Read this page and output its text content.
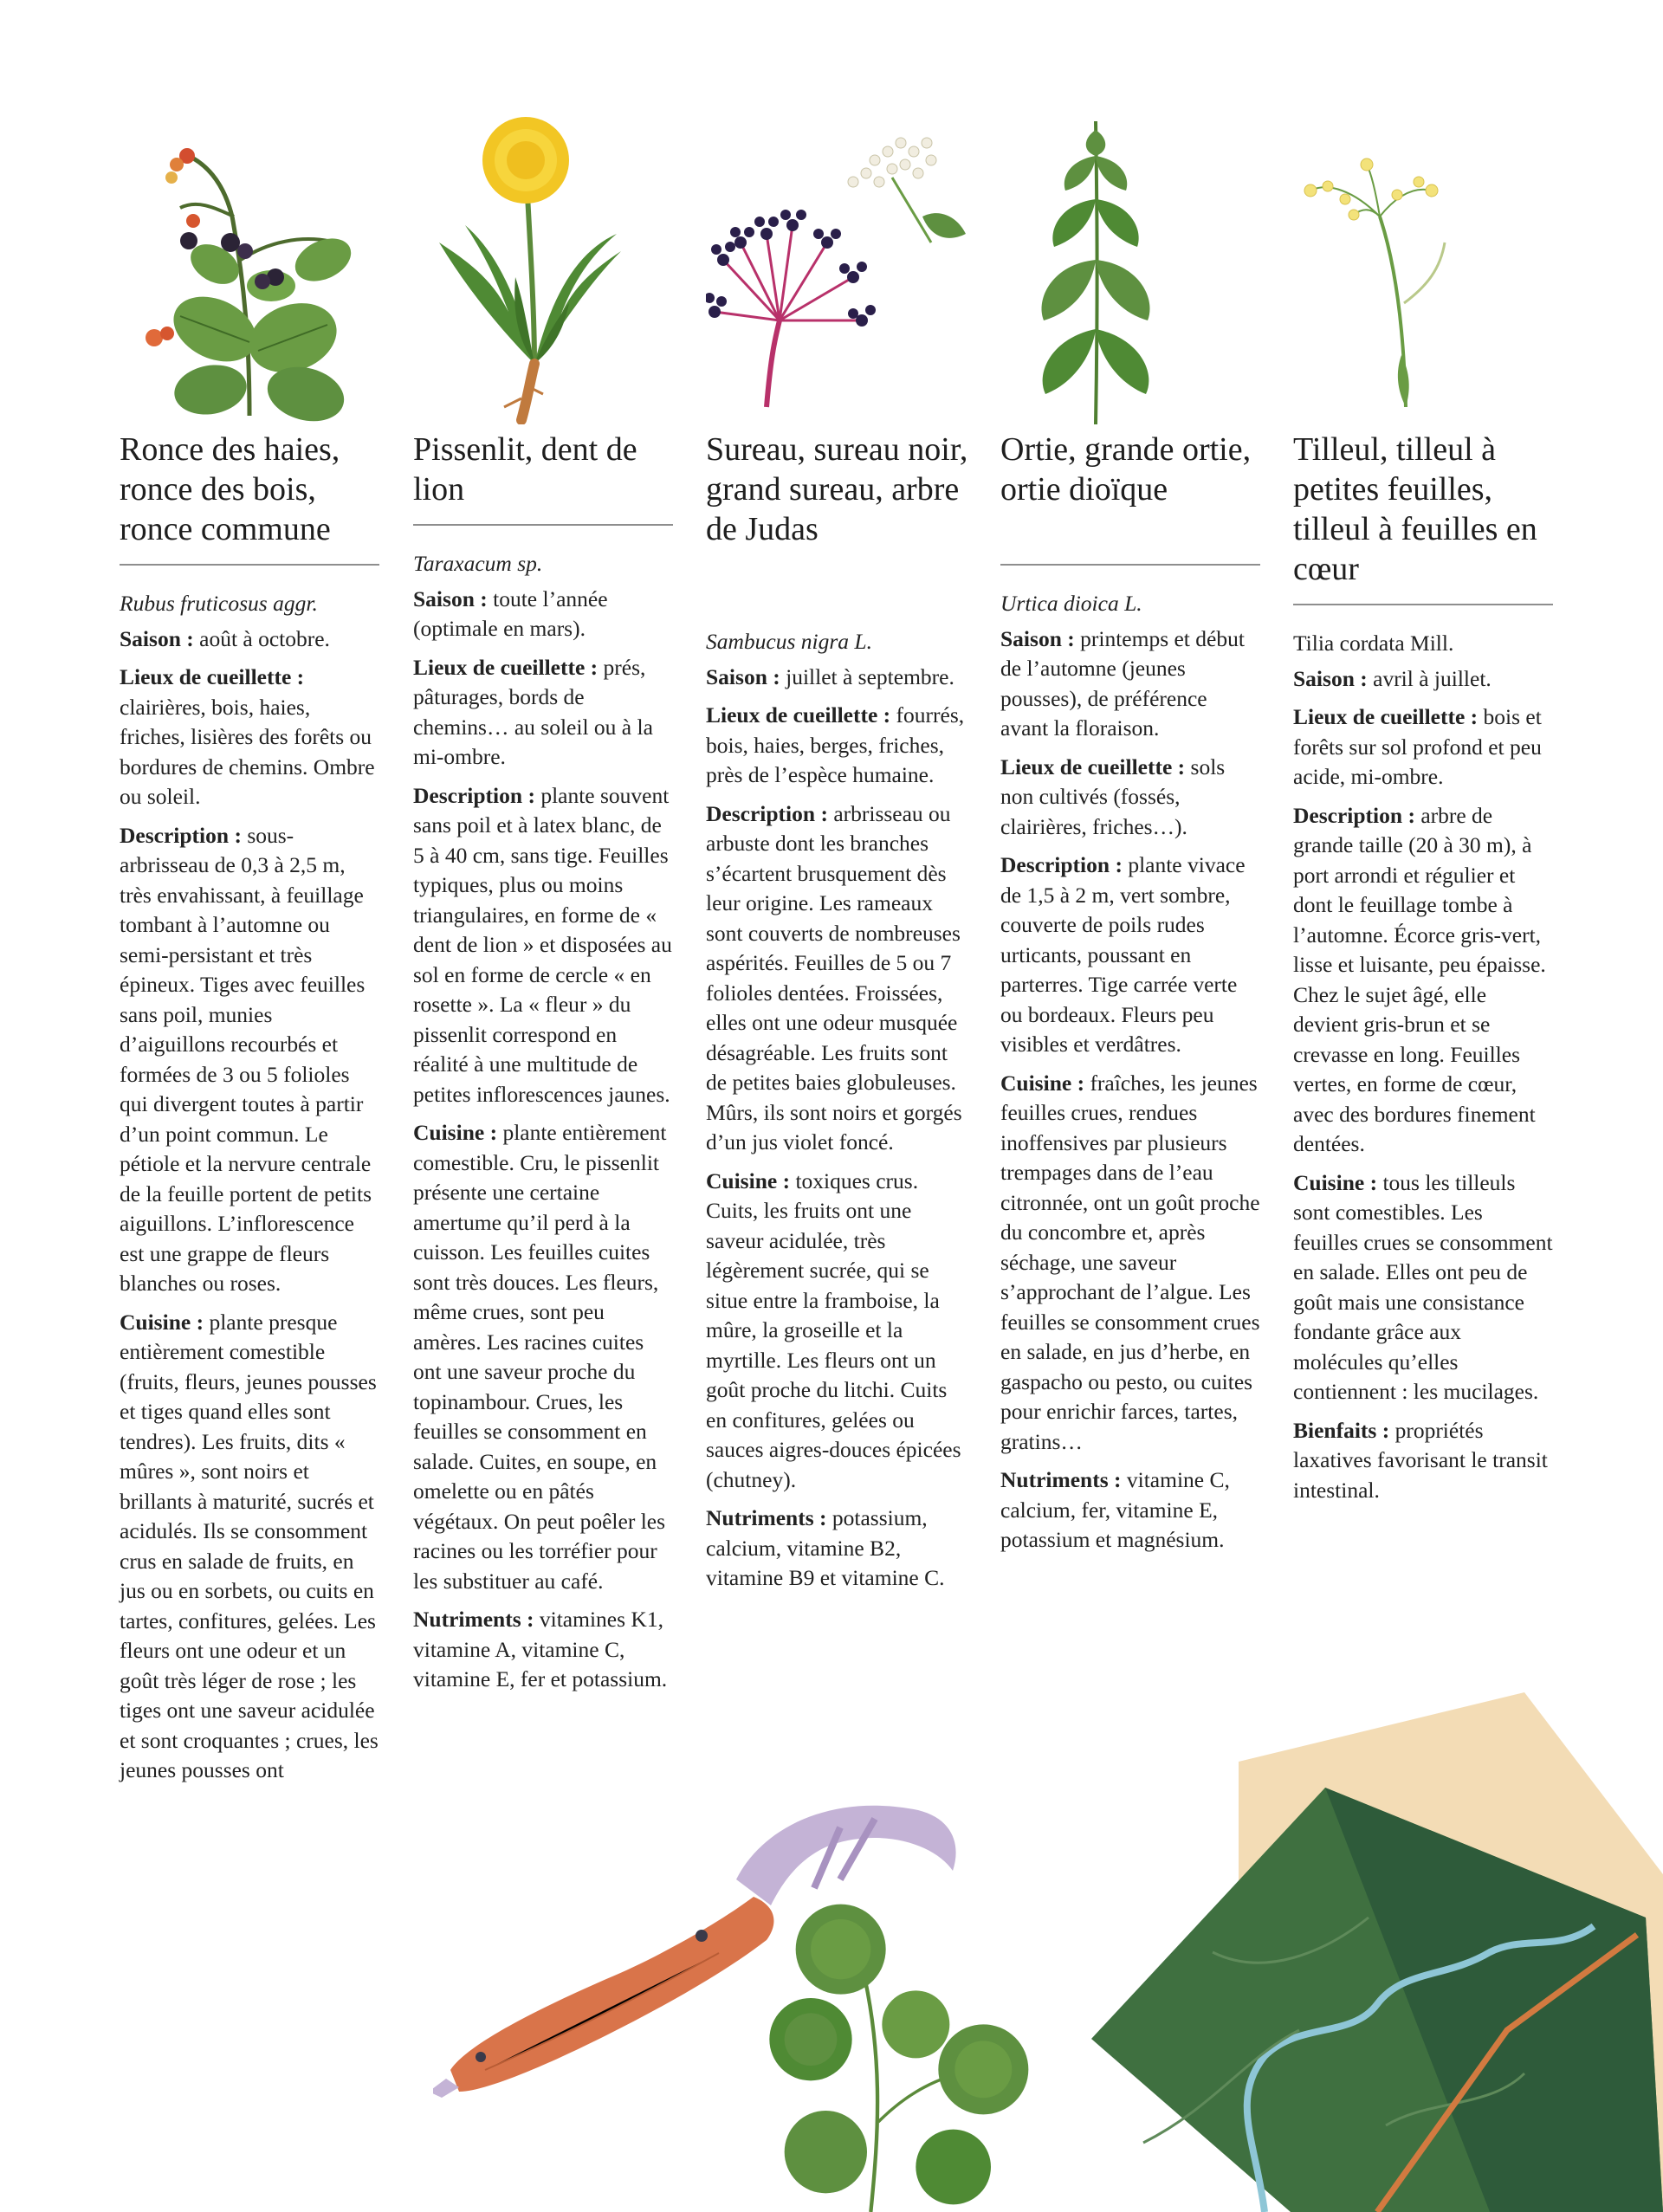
Ronce des haies, ronce des bois, ronce commune

Rubus fruticosus aggr.

Saison : août à octobre.

Lieux de cueillette : clairières, bois, haies, friches, lisières des forêts ou bordures de chemins. Ombre ou soleil.

Description : sous-arbrisseau de 0,3 à 2,5 m, très envahissant, à feuillage tombant à l’automne ou semi-persistant et très épineux. Tiges avec feuilles sans poil, munies d’aiguillons recourbés et formées de 3 ou 5 folioles qui divergent toutes à partir d’un point commun. Le pétiole et la nervure centrale de la feuille portent de petits aiguillons. L’inflorescence est une grappe de fleurs blanches ou roses.

Cuisine : plante presque entièrement comestible (fruits, fleurs, jeunes pousses et tiges quand elles sont tendres). Les fruits, dits « mûres », sont noirs et brillants à maturité, sucrés et acidulés. Ils se consomment crus en salade de fruits, en jus ou en sorbets, ou cuits en tartes, confitures, gelées. Les fleurs ont une odeur et un goût très léger de rose ; les tiges ont une saveur acidulée et sont croquantes ; crues, les jeunes pousses ont

Pissenlit, dent de lion

Taraxacum sp.

Saison : toute l’année (optimale en mars).

Lieux de cueillette : prés, pâturages, bords de chemins… au soleil ou à la mi-ombre.

Description : plante souvent sans poil et à latex blanc, de 5 à 40 cm, sans tige. Feuilles typiques, plus ou moins triangulaires, en forme de « dent de lion » et disposées au sol en forme de cercle « en rosette ». La « fleur » du pissenlit correspond en réalité à une multitude de petites inflorescences jaunes.

Cuisine : plante entièrement comestible. Cru, le pissenlit présente une certaine amertume qu’il perd à la cuisson. Les feuilles cuites sont très douces. Les fleurs, même crues, sont peu amères. Les racines cuites ont une saveur proche du topinambour. Crues, les feuilles se consomment en salade. Cuites, en soupe, en omelette ou en pâtés végétaux. On peut poêler les racines ou les torréfier pour les substituer au café.

Nutriments : vitamines K1, vitamine A, vitamine C, vitamine E, fer et potassium.

Sureau, sureau noir, grand sureau, arbre de Judas

Sambucus nigra L.

Saison : juillet à septembre.

Lieux de cueillette : fourrés, bois, haies, berges, friches, près de l’espèce humaine.

Description : arbrisseau ou arbuste dont les branches s’écartent brusquement dès leur origine. Les rameaux sont couverts de nombreuses aspérités. Feuilles de 5 ou 7 folioles dentées. Froissées, elles ont une odeur musquée désagréable. Les fruits sont de petites baies globuleuses. Mûrs, ils sont noirs et gorgés d’un jus violet foncé.

Cuisine : toxiques crus. Cuits, les fruits ont une saveur acidulée, très légèrement sucrée, qui se situe entre la framboise, la mûre, la groseille et la myrtille. Les fleurs ont un goût proche du litchi. Cuits en confitures, gelées ou sauces aigres-douces épicées (chutney).

Nutriments : potassium, calcium, vitamine B2, vitamine B9 et vitamine C.

Ortie, grande ortie, ortie dioïque

Urtica dioica L.

Saison : printemps et début de l’automne (jeunes pousses), de préférence avant la floraison.

Lieux de cueillette : sols non cultivés (fossés, clairières, friches…).

Description : plante vivace de 1,5 à 2 m, vert sombre, couverte de poils rudes urticants, poussant en parterres. Tige carrée verte ou bordeaux. Fleurs peu visibles et verdâtres.

Cuisine : fraîches, les jeunes feuilles crues, rendues inoffensives par plusieurs trempages dans de l’eau citronnée, ont un goût proche du concombre et, après séchage, une saveur s’approchant de l’algue. Les feuilles se consomment crues en salade, en jus d’herbe, en gaspacho ou pesto, ou cuites pour enrichir farces, tartes, gratins…

Nutriments : vitamine C, calcium, fer, vitamine E, potassium et magnésium.

Tilleul, tilleul à petites feuilles, tilleul à feuilles en cœur

Tilia cordata Mill.

Saison : avril à juillet.

Lieux de cueillette : bois et forêts sur sol profond et peu acide, mi-ombre.

Description : arbre de grande taille (20 à 30 m), à port arrondi et régulier et dont le feuillage tombe à l’automne. Écorce gris-vert, lisse et luisante, peu épaisse. Chez le sujet âgé, elle devient gris-brun et se crevasse en long. Feuilles vertes, en forme de cœur, avec des bordures finement dentées.

Cuisine : tous les tilleuls sont comestibles. Les feuilles crues se consomment en salade. Elles ont peu de goût mais une consistance fondante grâce aux molécules qu’elles contiennent : les mucilages.

Bienfaits : propriétés laxatives favorisant le transit intestinal.
